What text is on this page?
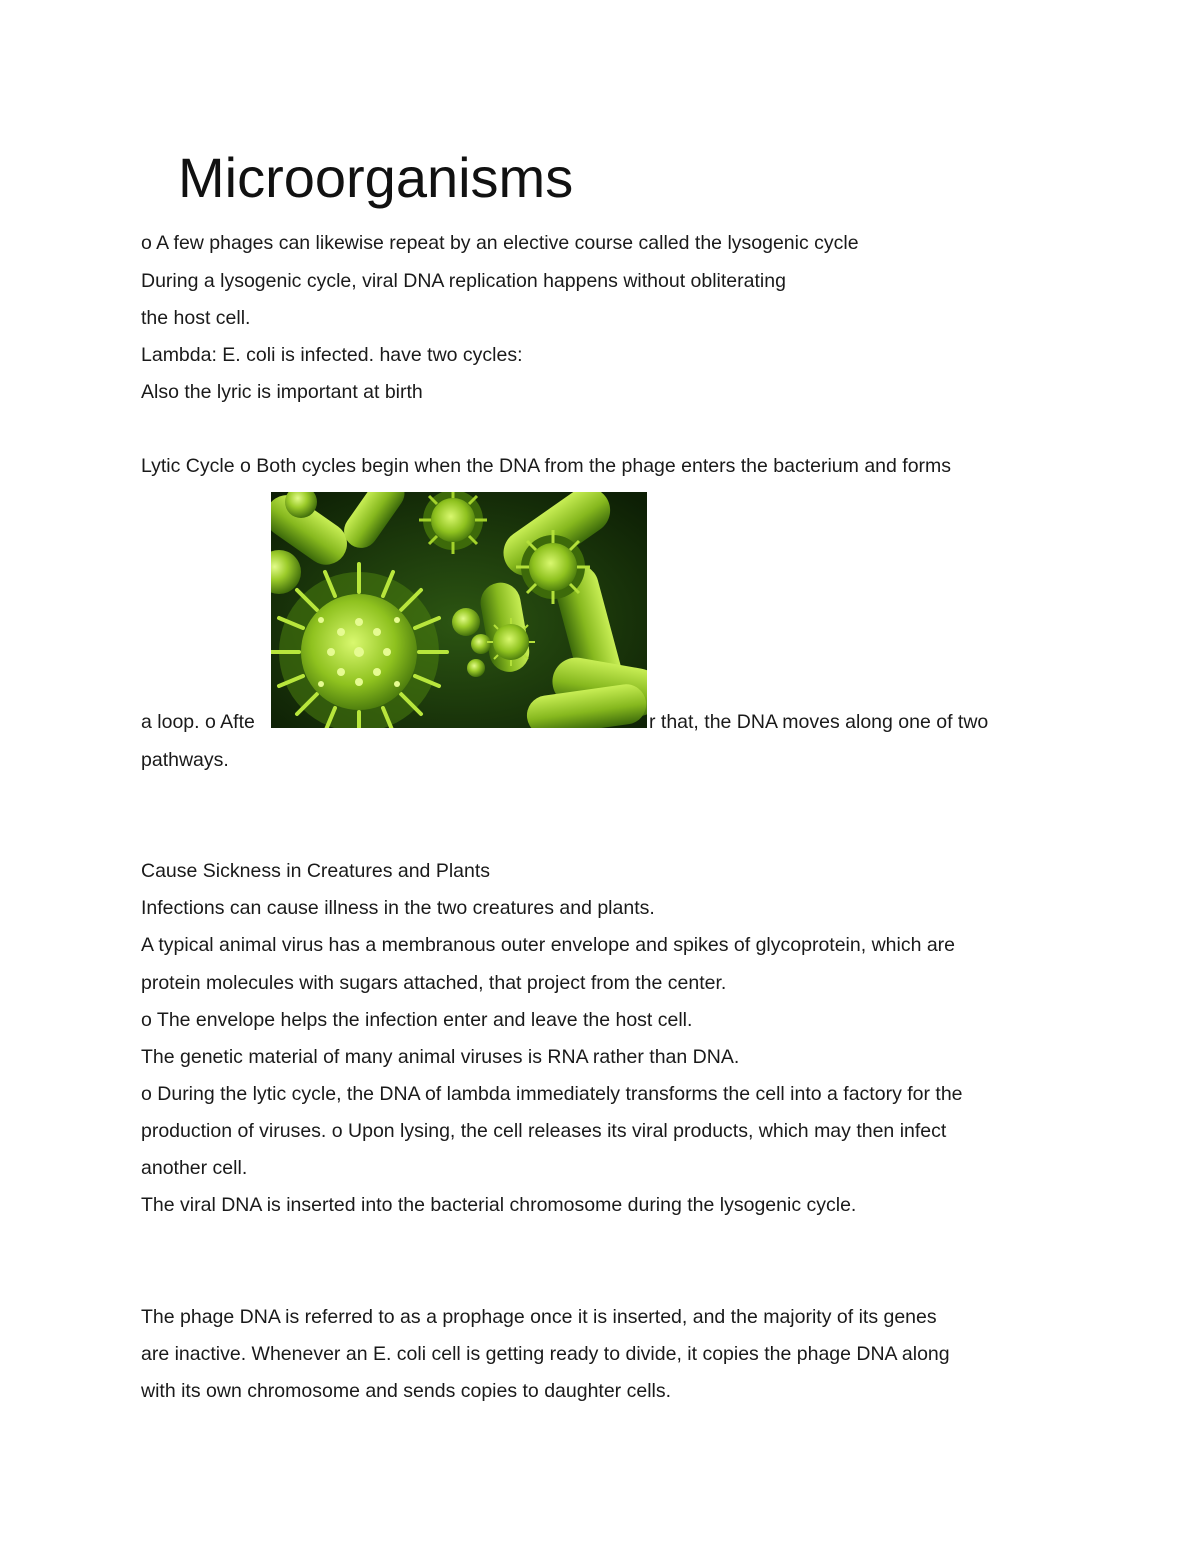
Microorganisms

o A few phages can likewise repeat by an elective course called the lysogenic cycle

During a lysogenic cycle, viral DNA replication happens without obliterating

the host cell.

Lambda: E. coli is infected. have two cycles:

Also the lyric is important at birth

Lytic Cycle o Both cycles begin when the DNA from the phage enters the bacterium and forms

a loop. o Afte	r that, the DNA moves along one of two

pathways.

Cause Sickness in Creatures and Plants

Infections can cause illness in the two creatures and plants.

A typical animal virus has a membranous outer envelope and spikes of glycoprotein, which are

protein molecules with sugars attached, that project from the center.

o The envelope helps the infection enter and leave the host cell.

The genetic material of many animal viruses is RNA rather than DNA.

o During the lytic cycle, the DNA of lambda immediately transforms the cell into a factory for the

production of viruses. o Upon lysing, the cell releases its viral products, which may then infect

another cell.

The viral DNA is inserted into the bacterial chromosome during the lysogenic cycle.

The phage DNA is referred to as a prophage once it is inserted, and the majority of its genes

are inactive. Whenever an E. coli cell is getting ready to divide, it copies the phage DNA along

with its own chromosome and sends copies to daughter cells.
